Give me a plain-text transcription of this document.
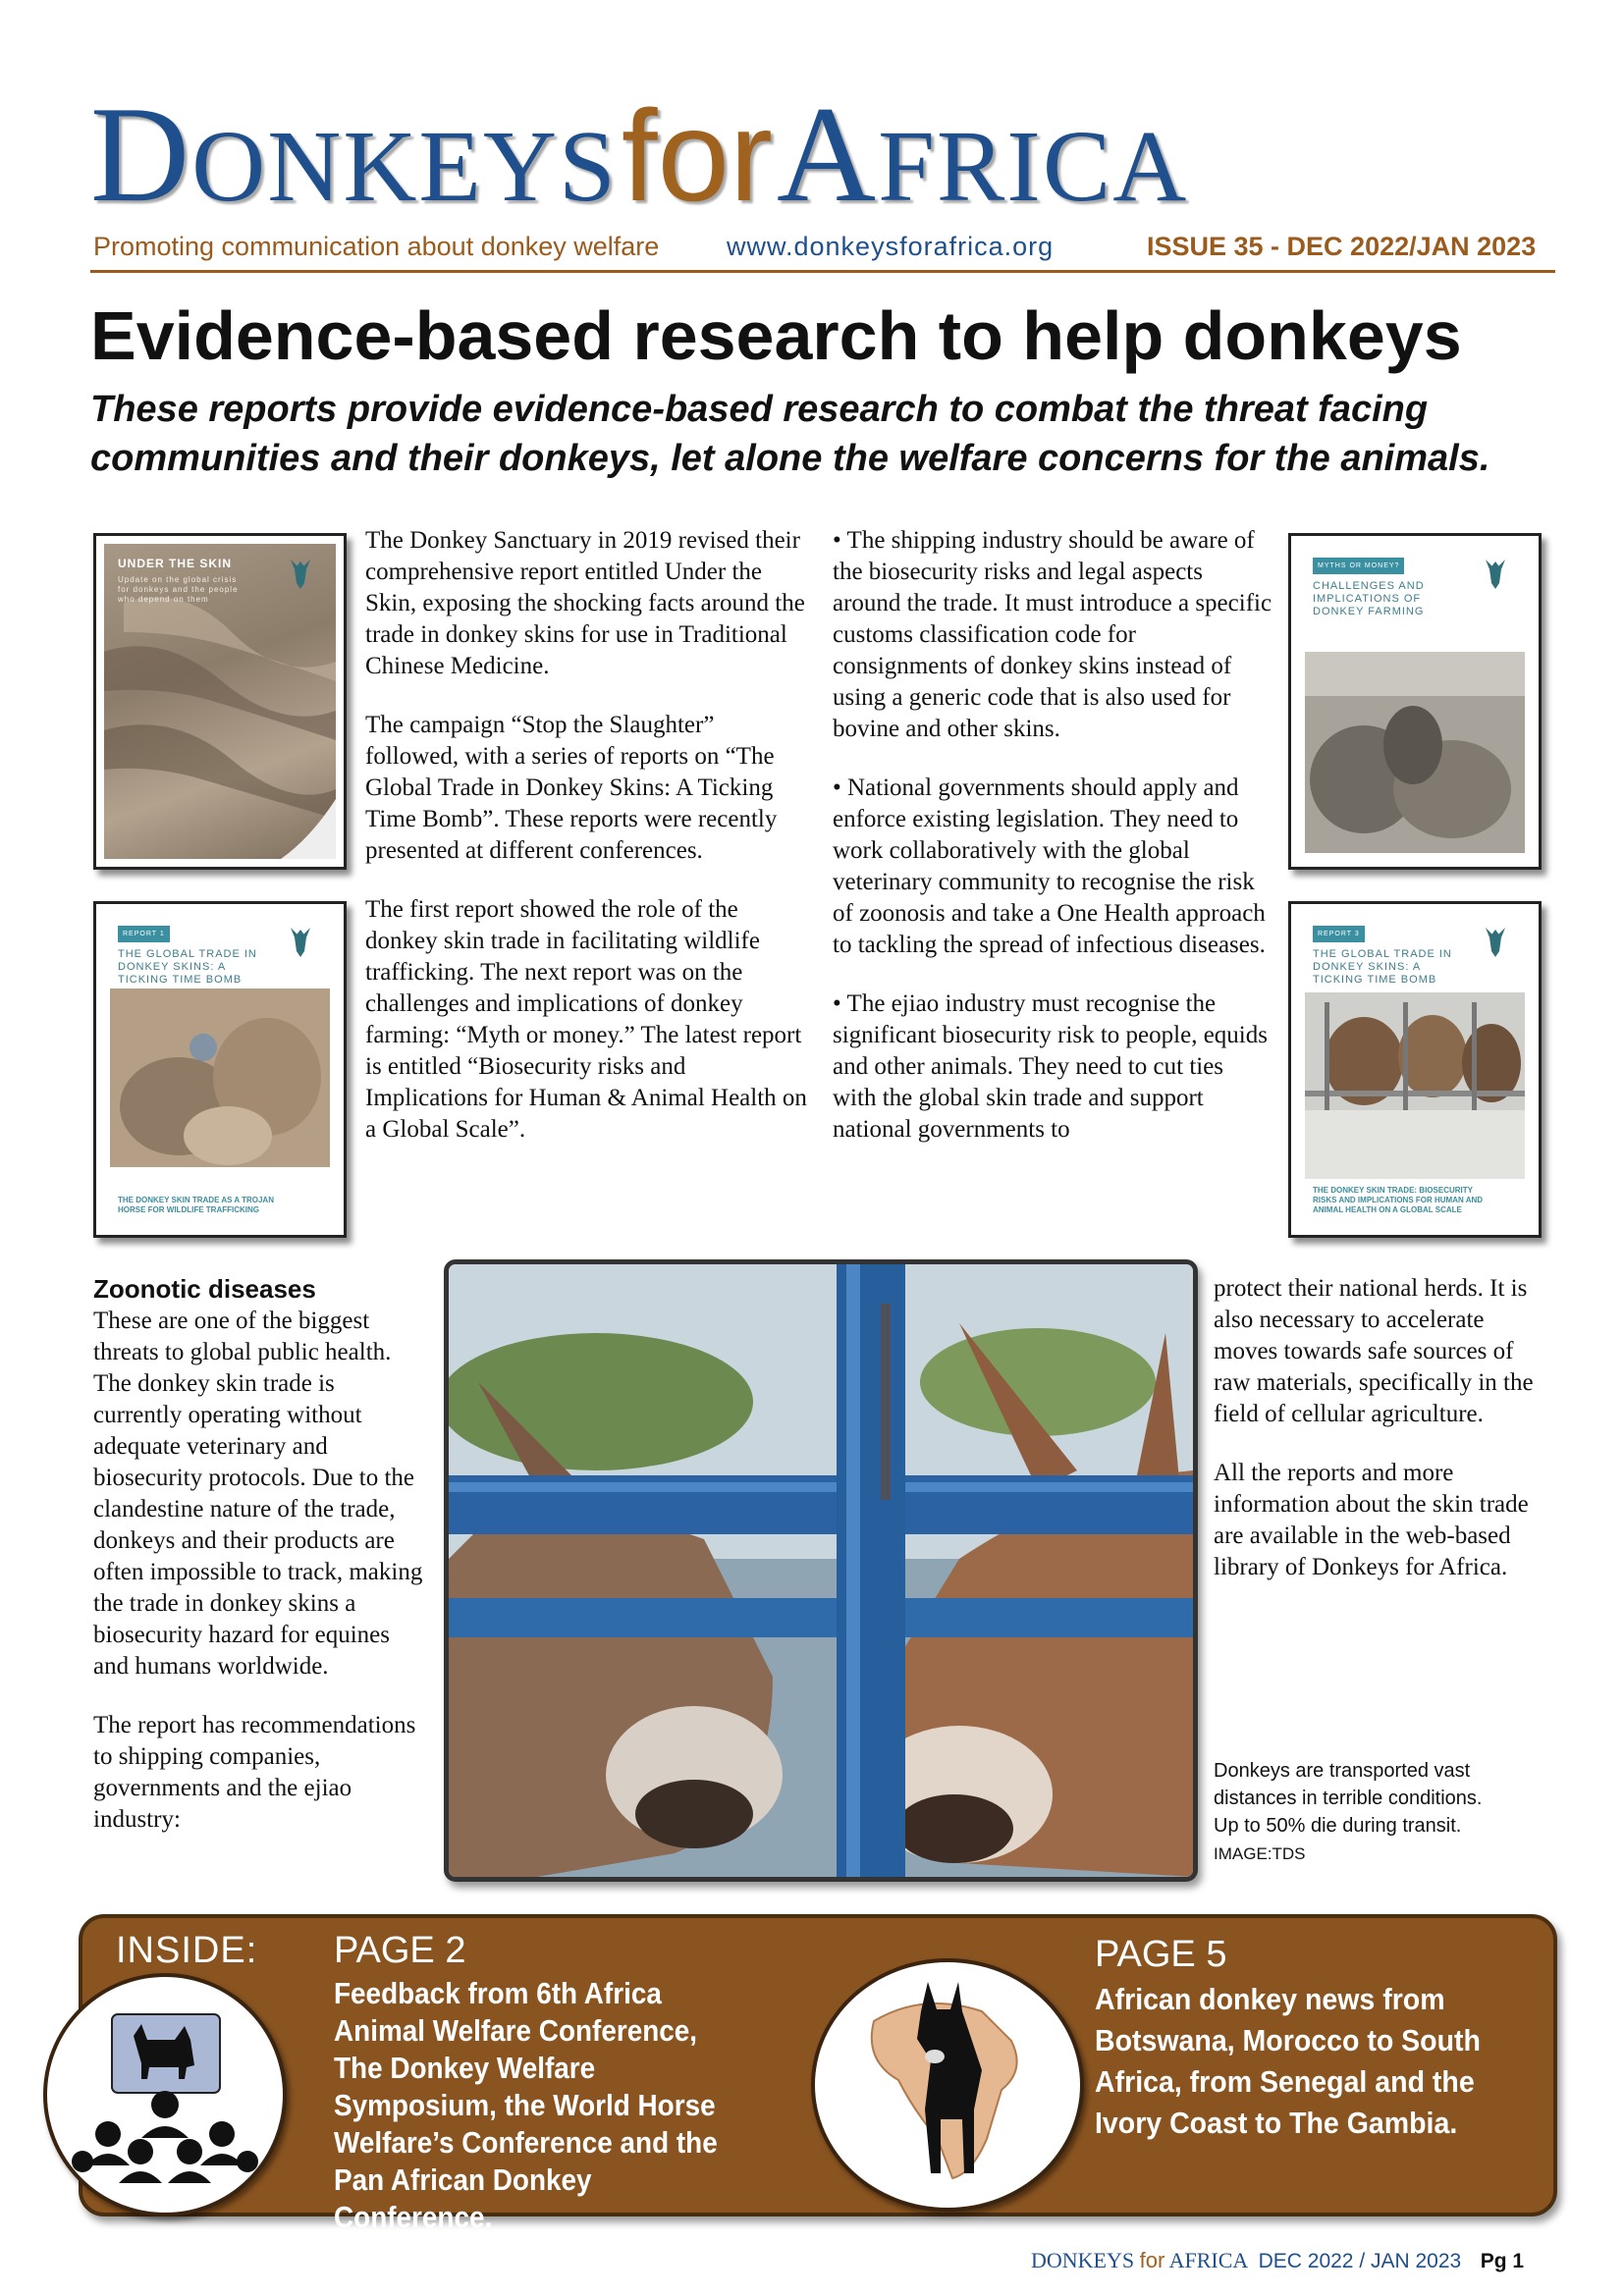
DONKEYS for AFRICA
Promoting communication about donkey welfare	www.donkeysforafrica.org	ISSUE 35 - DEC 2022/JAN 2023
Evidence-based research to help donkeys
These reports provide evidence-based research to combat the threat facing communities and their donkeys, let alone the welfare concerns for the animals.
UNDER THE SKIN
Update on the global crisis for donkeys and the people who depend on them
REPORT 1
THE GLOBAL TRADE IN DONKEY SKINS: A TICKING TIME BOMB
THE DONKEY SKIN TRADE AS A TROJAN HORSE FOR WILDLIFE TRAFFICKING
MYTHS OR MONEY?
CHALLENGES AND IMPLICATIONS OF DONKEY FARMING
REPORT 3
THE GLOBAL TRADE IN DONKEY SKINS: A TICKING TIME BOMB
THE DONKEY SKIN TRADE: BIOSECURITY RISKS AND IMPLICATIONS FOR HUMAN AND ANIMAL HEALTH ON A GLOBAL SCALE

The Donkey Sanctuary in 2019 revised their comprehensive report entitled Under the Skin, exposing the shocking facts around the trade in donkey skins for use in Traditional Chinese Medicine.

The campaign “Stop the Slaughter” followed, with a series of reports on “The Global Trade in Donkey Skins: A Ticking Time Bomb”. These reports were recently presented at different conferences.

The first report showed the role of the donkey skin trade in facilitating wildlife trafficking. The next report was on the challenges and implications of donkey farming: “Myth or money.” The latest report is entitled “Biosecurity risks and Implications for Human & Animal Health on a Global Scale”.

• The shipping industry should be aware of the biosecurity risks and legal aspects around the trade. It must introduce a specific customs classification code for consignments of donkey skins instead of using a generic code that is also used for bovine and other skins.

• National governments should apply and enforce existing legislation. They need to work collaboratively with the global veterinary community to recognise the risk of zoonosis and take a One Health approach to tackling the spread of infectious diseases.

• The ejiao industry must recognise the significant biosecurity risk to people, equids and other animals. They need to cut ties with the global skin trade and support national governments to

Zoonotic diseases

These are one of the biggest threats to global public health. The donkey skin trade is currently operating without adequate veterinary and biosecurity protocols. Due to the clandestine nature of the trade, donkeys and their products are often impossible to track, making the trade in donkey skins a biosecurity hazard for equines and humans worldwide.

The report has recommendations to shipping companies, governments and the ejiao industry:

protect their national herds. It is also necessary to accelerate moves towards safe sources of raw materials, specifically in the field of cellular agriculture.

All the reports and more information about the skin trade are available in the web-based library of Donkeys for Africa.

Donkeys are transported vast distances in terrible conditions. Up to 50% die during transit.
IMAGE:TDS
INSIDE: PAGE 2
Feedback from 6th Africa Animal Welfare Conference, The Donkey Welfare Symposium, the World Horse Welfare’s Conference and the Pan African Donkey Conference.
PAGE 5
African donkey news from Botswana, Morocco to South Africa, from Senegal and the Ivory Coast to The Gambia.
DONKEYS for AFRICA DEC 2022 / JAN 2023 Pg 1
